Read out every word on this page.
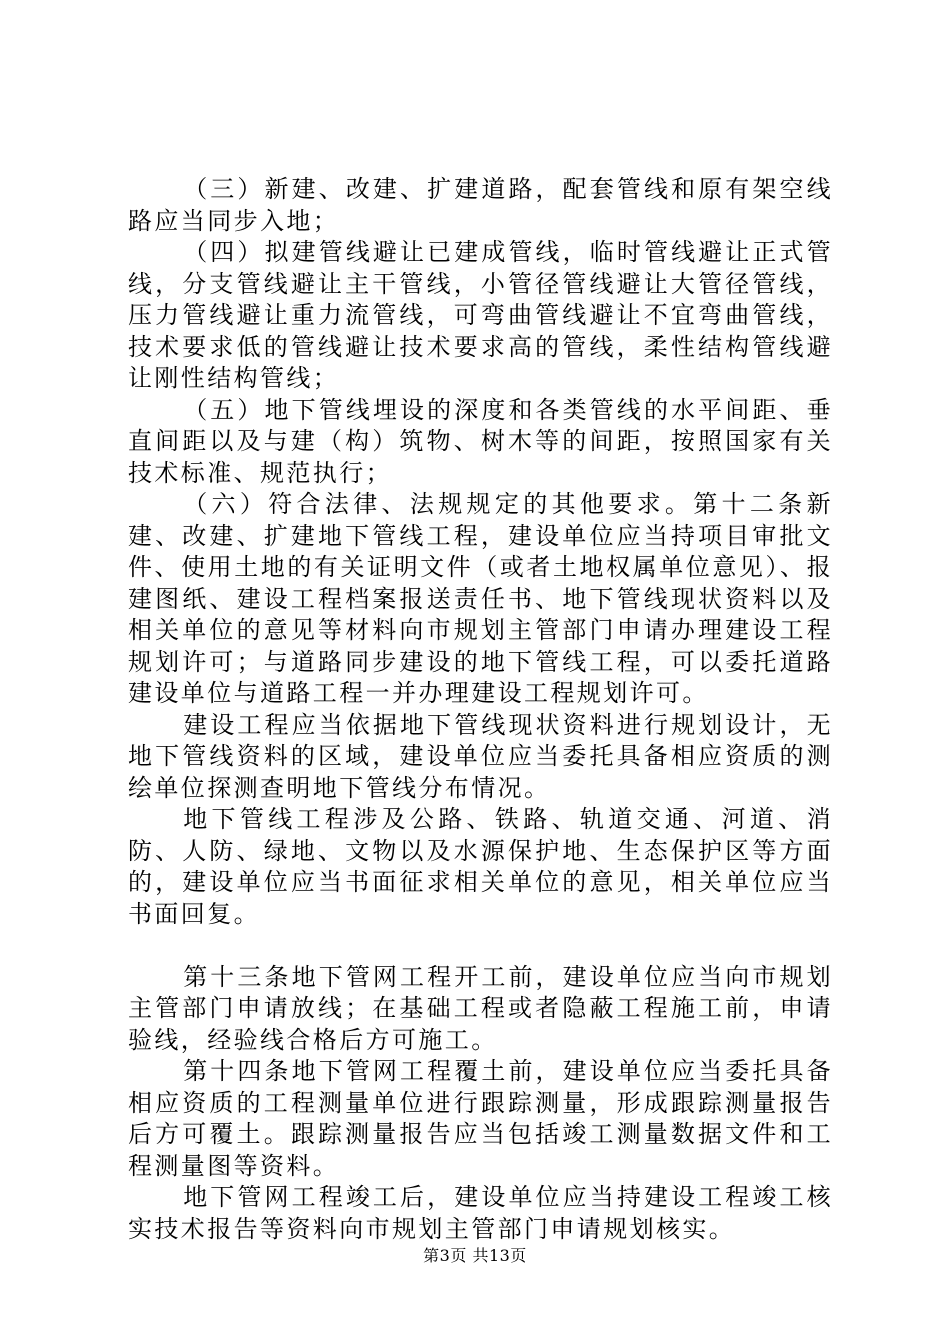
（三）新建、改建、扩建道路，配套管线和原有架空线路应当同步入地；

（四）拟建管线避让已建成管线，临时管线避让正式管线，分支管线避让主干管线，小管径管线避让大管径管线，压力管线避让重力流管线，可弯曲管线避让不宜弯曲管线，技术要求低的管线避让技术要求高的管线，柔性结构管线避让刚性结构管线；

（五）地下管线埋设的深度和各类管线的水平间距、垂直间距以及与建（构）筑物、树木等的间距，按照国家有关技术标准、规范执行；

（六）符合法律、法规规定的其他要求。第十二条新建、改建、扩建地下管线工程，建设单位应当持项目审批文件、使用土地的有关证明文件（或者土地权属单位意见）、报建图纸、建设工程档案报送责任书、地下管线现状资料以及相关单位的意见等材料向市规划主管部门申请办理建设工程规划许可；与道路同步建设的地下管线工程，可以委托道路建设单位与道路工程一并办理建设工程规划许可。

建设工程应当依据地下管线现状资料进行规划设计，无地下管线资料的区域，建设单位应当委托具备相应资质的测绘单位探测查明地下管线分布情况。

地下管线工程涉及公路、铁路、轨道交通、河道、消防、人防、绿地、文物以及水源保护地、生态保护区等方面的，建设单位应当书面征求相关单位的意见，相关单位应当书面回复。

第十三条地下管网工程开工前，建设单位应当向市规划主管部门申请放线；在基础工程或者隐蔽工程施工前，申请验线，经验线合格后方可施工。

第十四条地下管网工程覆土前，建设单位应当委托具备相应资质的工程测量单位进行跟踪测量，形成跟踪测量报告后方可覆土。跟踪测量报告应当包括竣工测量数据文件和工程测量图等资料。

地下管网工程竣工后，建设单位应当持建设工程竣工核实技术报告等资料向市规划主管部门申请规划核实。

第3页 共13页
